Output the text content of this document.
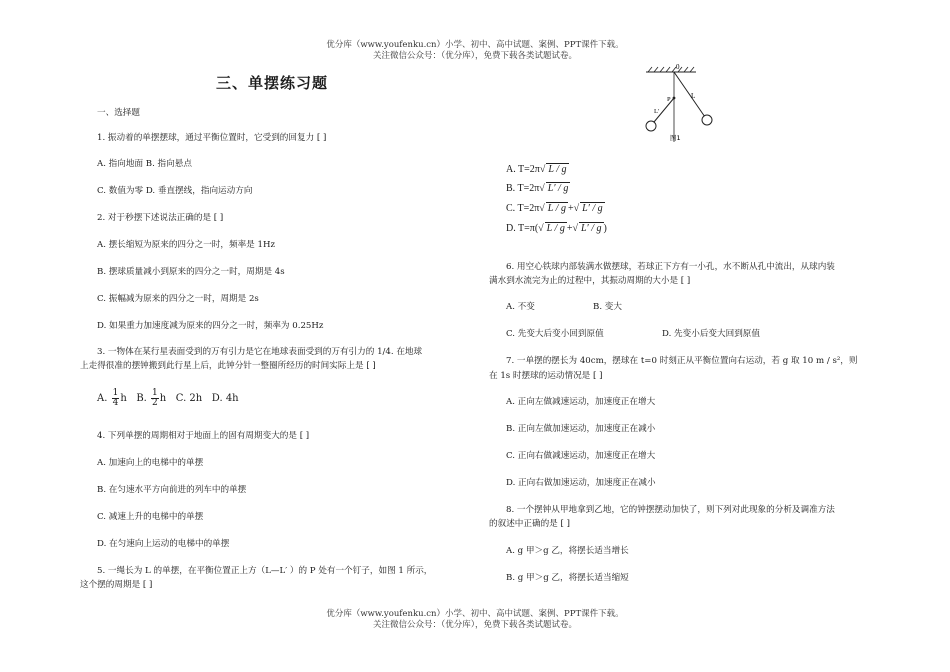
优分库（www.youfenku.cn）小学、初中、高中试题、案例、PPT课件下载。
关注微信公众号：（优分库），免费下载各类试题试卷。
三、单摆练习题
一、选择题
1. 振动着的单摆摆球，通过平衡位置时，它受到的回复力 [ ]
A. 指向地面 B. 指向悬点
C. 数值为零 D. 垂直摆线，指向运动方向
2. 对于秒摆下述说法正确的是 [ ]
A. 摆长缩短为原来的四分之一时，频率是 1Hz
B. 摆球质量减小到原来的四分之一时，周期是 4s
C. 振幅减为原来的四分之一时，周期是 2s
D. 如果重力加速度减为原来的四分之一时，频率为 0.25Hz
3. 一物体在某行星表面受到的万有引力是它在地球表面受到的万有引力的 1/4. 在地球
上走得很准的摆钟搬到此行星上后，此钟分针一整圈所经历的时间实际上是 [ ]
A. $\frac{1}{4}$ h B. $\frac{1}{2}$ h C. 2h D. 4h
4. 下列单摆的周期相对于地面上的固有周期变大的是 [ ]
A. 加速向上的电梯中的单摆
B. 在匀速水平方向前进的列车中的单摆
C. 减速上升的电梯中的单摆
D. 在匀速向上运动的电梯中的单摆
5. 一绳长为 L 的单摆，在平衡位置正上方（L—L′ ）的 P 处有一个钉子，如图 1 所示，
这个摆的周期是 [ ]
0
P	L
L′
图1
A. T=2π√ L / g
B. T=2π√ L′ / g
C. T=2π√ L / g +√ L′ / g
D. T=π(√ L / g +√ L′ / g )
6. 用空心铁球内部装满水做摆球，若球正下方有一小孔，水不断从孔中流出，从球内装
满水到水流完为止的过程中，其振动周期的大小是 [ ]
A. 不变	B. 变大
C. 先变大后变小回到原值	D. 先变小后变大回到原值
7. 一单摆的摆长为 40cm，摆球在 t=0 时刻正从平衡位置向右运动，若 g 取 10 m / s²，则
在 1s 时摆球的运动情况是 [ ]
A. 正向左做减速运动，加速度正在增大
B. 正向左做加速运动，加速度正在减小
C. 正向右做减速运动，加速度正在增大
D. 正向右做加速运动，加速度正在减小
8. 一个摆钟从甲地拿到乙地，它的钟摆摆动加快了，则下列对此现象的分析及调准方法
的叙述中正确的是 [ ]
A. g 甲＞g 乙，将摆长适当增长
B. g 甲＞g 乙，将摆长适当缩短
优分库（www.youfenku.cn）小学、初中、高中试题、案例、PPT课件下载。
关注微信公众号：（优分库），免费下载各类试题试卷。
